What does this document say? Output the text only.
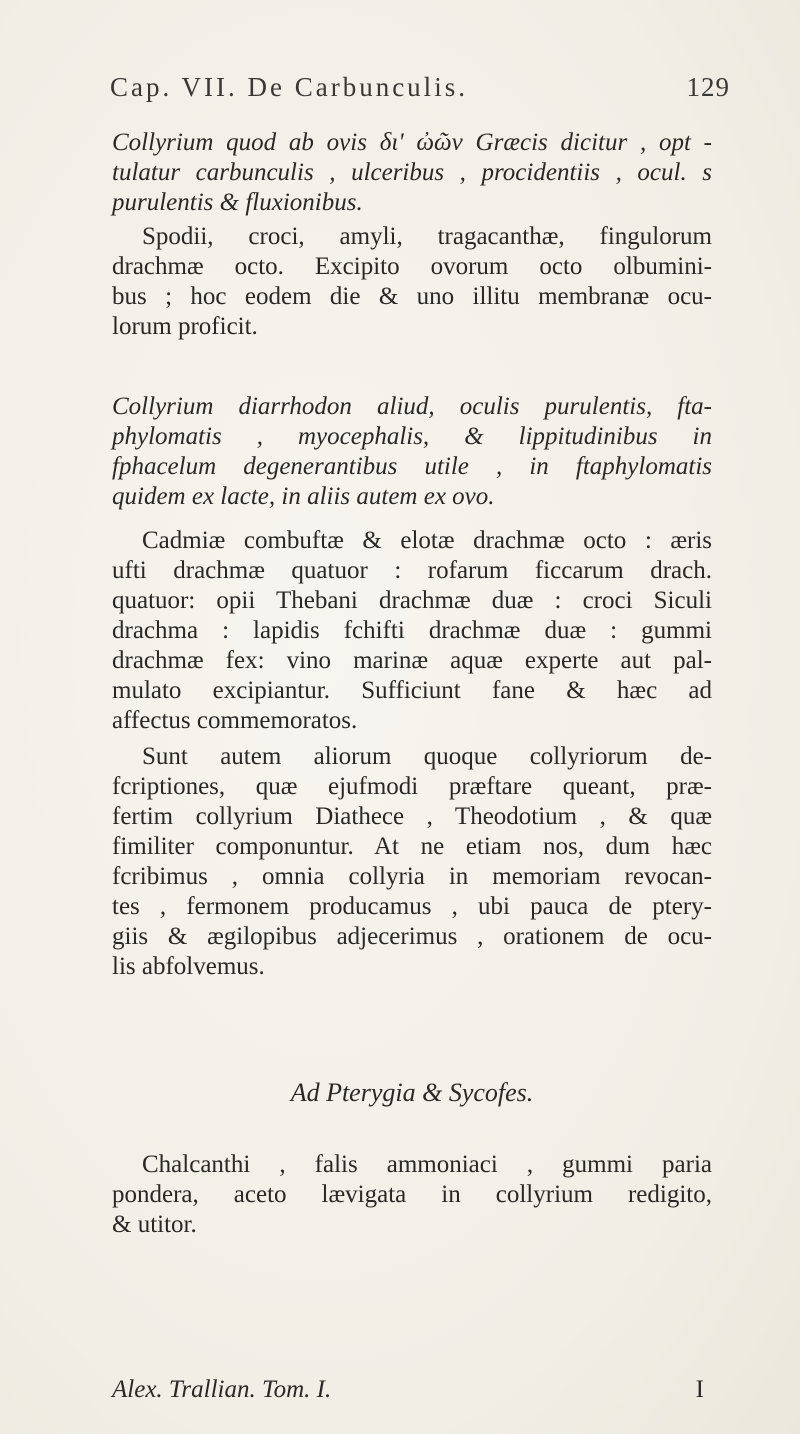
Cap. VII. De Carbunculis.	129
Collyrium quod ab ovis δι' ὠῶν Græcis dicitur , opt -
tulatur carbunculis , ulceribus , procidentiis , ocul. s
purulentis & fluxionibus.
Spodii, croci, amyli, tragacanthæ, fingulorum
drachmæ octo. Excipito ovorum octo olbumini-
bus ; hoc eodem die & uno illitu membranæ ocu-
lorum proficit.
Collyrium diarrhodon aliud, oculis purulentis, fta-
phylomatis , myocephalis, & lippitudinibus in
fphacelum degenerantibus utile , in ftaphylomatis
quidem ex lacte, in aliis autem ex ovo.
Cadmiæ combuftæ & elotæ drachmæ octo : æris
ufti drachmæ quatuor : rofarum ficcarum drach.
quatuor: opii Thebani drachmæ duæ : croci Siculi
drachma : lapidis fchifti drachmæ duæ : gummi
drachmæ fex: vino marinæ aquæ experte aut pal-
mulato excipiantur. Sufficiunt fane & hæc ad
affectus commemoratos.
Sunt autem aliorum quoque collyriorum de-
fcriptiones, quæ ejufmodi præftare queant, præ-
fertim collyrium Diathece , Theodotium , & quæ
fimiliter componuntur. At ne etiam nos, dum hæc
fcribimus , omnia collyria in memoriam revocan-
tes , fermonem producamus , ubi pauca de ptery-
giis & ægilopibus adjecerimus , orationem de ocu-
lis abfolvemus.
Ad Pterygia & Sycofes.
Chalcanthi , falis ammoniaci , gummi paria
pondera, aceto lævigata in collyrium redigito,
& utitor.
Alex. Trallian. Tom. I.	I
